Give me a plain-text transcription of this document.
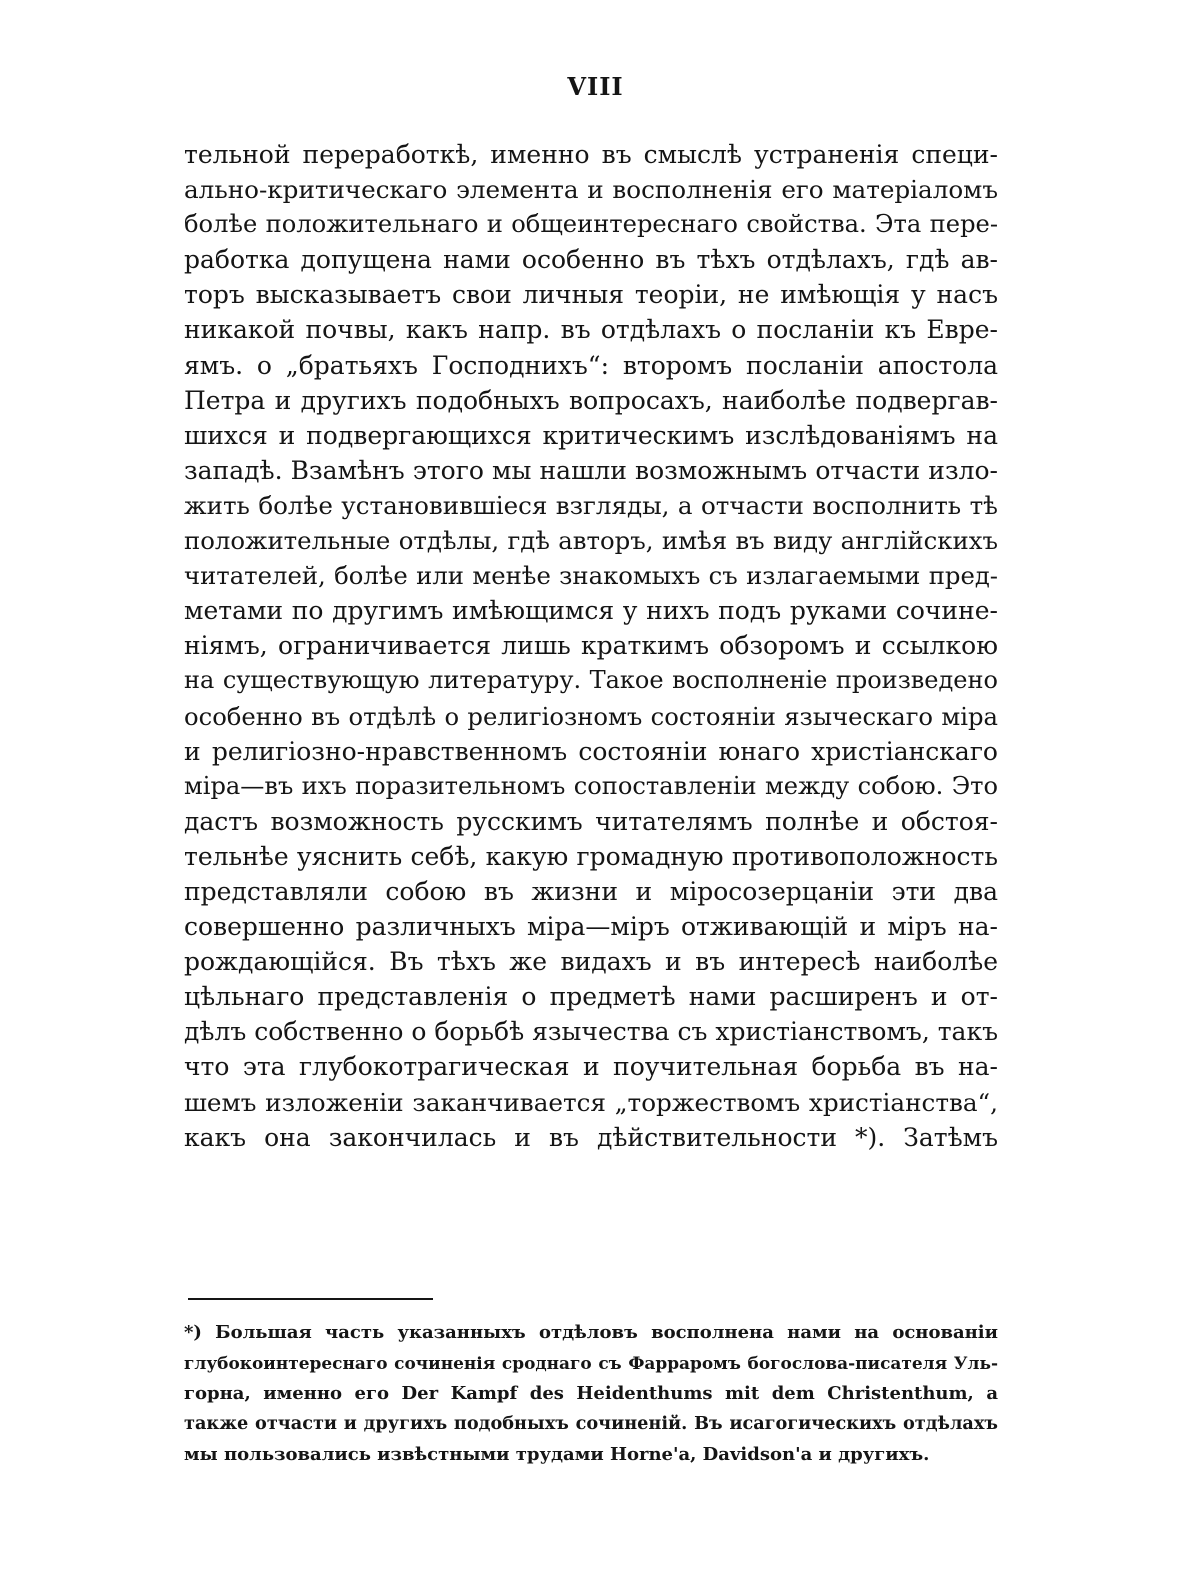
VIII
тельной переработкѣ, именно въ смыслѣ устраненія специ-
ально-критическаго элемента и восполненія его матеріаломъ
болѣе положительнаго и общеинтереснаго свойства. Эта пере-
работка допущена нами особенно въ тѣхъ отдѣлахъ, гдѣ ав-
торъ высказываетъ свои личныя теоріи, не имѣющія у насъ
никакой почвы, какъ напр. въ отдѣлахъ о посланіи къ Евре-
ямъ. о „братьяхъ Господнихъ“: второмъ посланіи апостола
Петра и другихъ подобныхъ вопросахъ, наиболѣе подвергав-
шихся и подвергающихся критическимъ изслѣдованіямъ на
западѣ. Взамѣнъ этого мы нашли возможнымъ отчасти изло-
жить болѣе установившіеся взгляды, а отчасти восполнить тѣ
положительные отдѣлы, гдѣ авторъ, имѣя въ виду англійскихъ
читателей, болѣе или менѣе знакомыхъ съ излагаемыми пред-
метами по другимъ имѣющимся у нихъ подъ руками сочине-
ніямъ, ограничивается лишь краткимъ обзоромъ и ссылкою
на существующую литературу. Такое восполненіе произведено
особенно въ отдѣлѣ о религіозномъ состояніи языческаго міра
и религіозно-нравственномъ состояніи юнаго христіанскаго
міра—въ ихъ поразительномъ сопоставленіи между собою. Это
дастъ возможность русскимъ читателямъ полнѣе и обстоя-
тельнѣе уяснить себѣ, какую громадную противоположность
представляли собою въ жизни и міросозерцаніи эти два
совершенно различныхъ міра—міръ отживающій и міръ на-
рождающійся. Въ тѣхъ же видахъ и въ интересѣ наиболѣе
цѣльнаго представленія о предметѣ нами расширенъ и от-
дѣлъ собственно о борьбѣ язычества съ христіанствомъ, такъ
что эта глубокотрагическая и поучительная борьба въ на-
шемъ изложеніи заканчивается „торжествомъ христіанства“,
какъ она закончилась и въ дѣйствительности *). Затѣмъ
*) Большая часть указанныхъ отдѣловъ восполнена нами на основаніи
глубокоинтереснаго сочиненія сроднаго съ Фарраромъ богослова-писателя Уль-
горна, именно его Der Kampf des Heidenthums mit dem Christenthum, а
также отчасти и другихъ подобныхъ сочиненій. Въ исагогическихъ отдѣлахъ
мы пользовались извѣстными трудами Horne'а, Davidson'а и другихъ.
